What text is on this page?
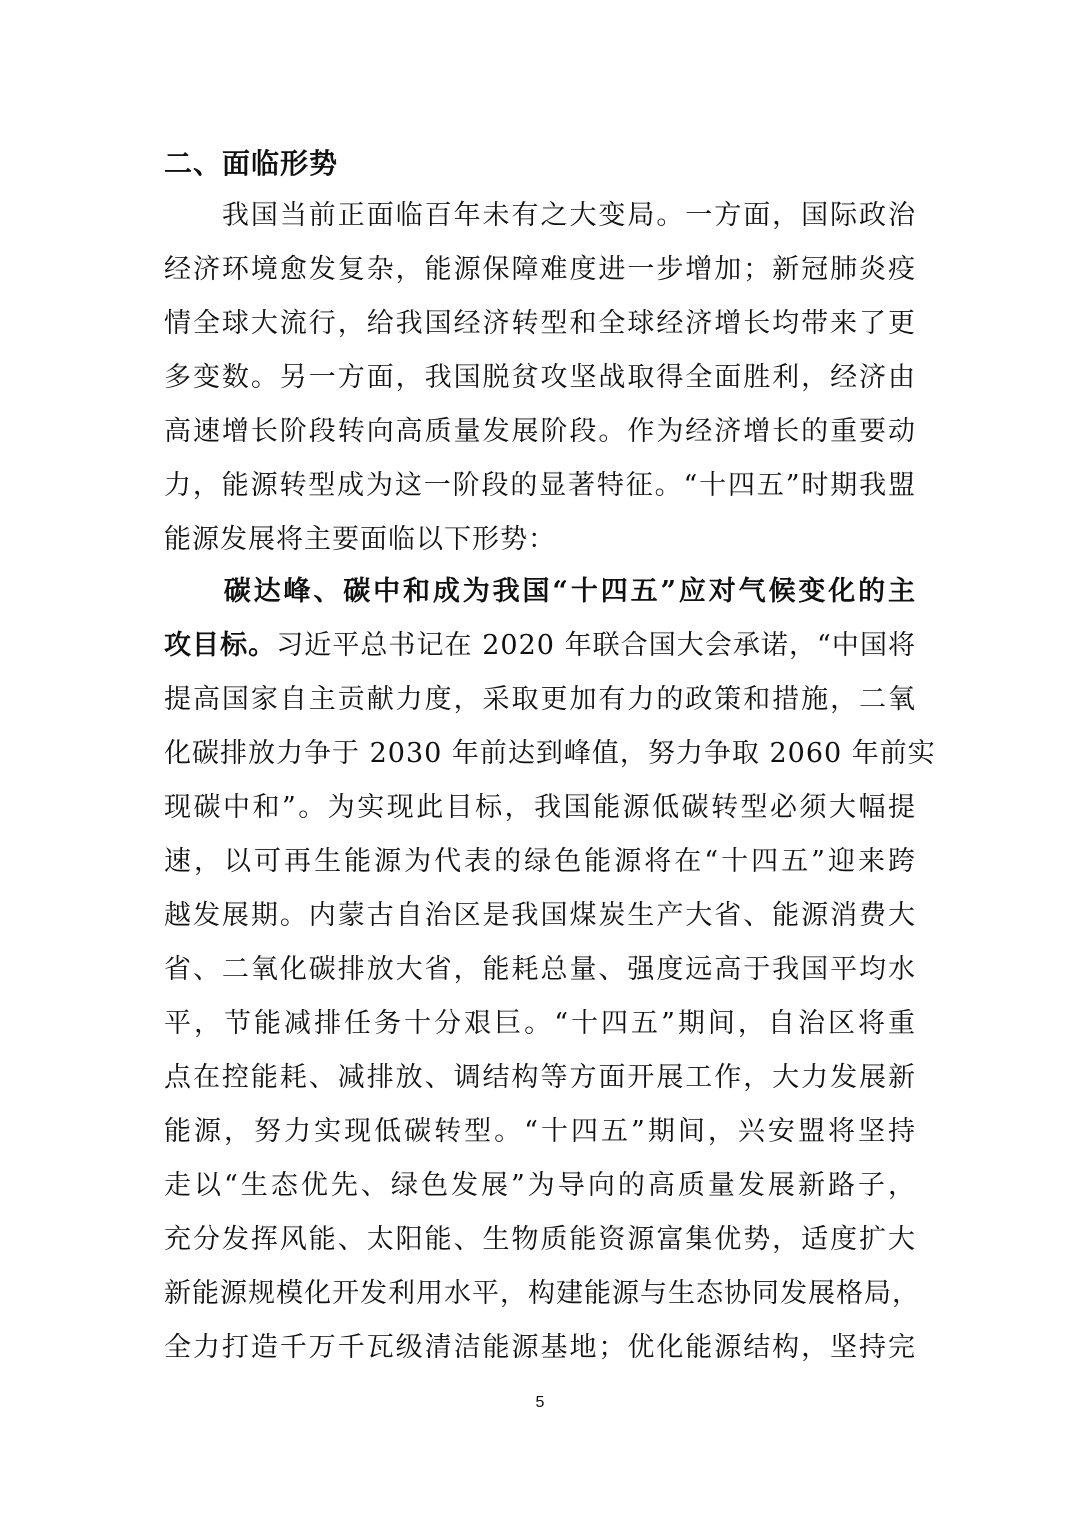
二、面临形势
　　我国当前正面临百年未有之大变局。一方面，国际政治
经济环境愈发复杂，能源保障难度进一步增加；新冠肺炎疫
情全球大流行，给我国经济转型和全球经济增长均带来了更
多变数。另一方面，我国脱贫攻坚战取得全面胜利，经济由
高速增长阶段转向高质量发展阶段。作为经济增长的重要动
力，能源转型成为这一阶段的显著特征。“十四五”时期我盟
能源发展将主要面临以下形势：
　　碳达峰、碳中和成为我国“十四五”应对气候变化的主
攻目标。习近平总书记在 2020 年联合国大会承诺，“中国将
提高国家自主贡献力度，采取更加有力的政策和措施，二氧
化碳排放力争于 2030 年前达到峰值，努力争取 2060 年前实
现碳中和”。为实现此目标，我国能源低碳转型必须大幅提
速，以可再生能源为代表的绿色能源将在“十四五”迎来跨
越发展期。内蒙古自治区是我国煤炭生产大省、能源消费大
省、二氧化碳排放大省，能耗总量、强度远高于我国平均水
平，节能减排任务十分艰巨。“十四五”期间，自治区将重
点在控能耗、减排放、调结构等方面开展工作，大力发展新
能源，努力实现低碳转型。“十四五”期间，兴安盟将坚持
走以“生态优先、绿色发展”为导向的高质量发展新路子，
充分发挥风能、太阳能、生物质能资源富集优势，适度扩大
新能源规模化开发利用水平，构建能源与生态协同发展格局，
全力打造千万千瓦级清洁能源基地；优化能源结构，坚持完
5
